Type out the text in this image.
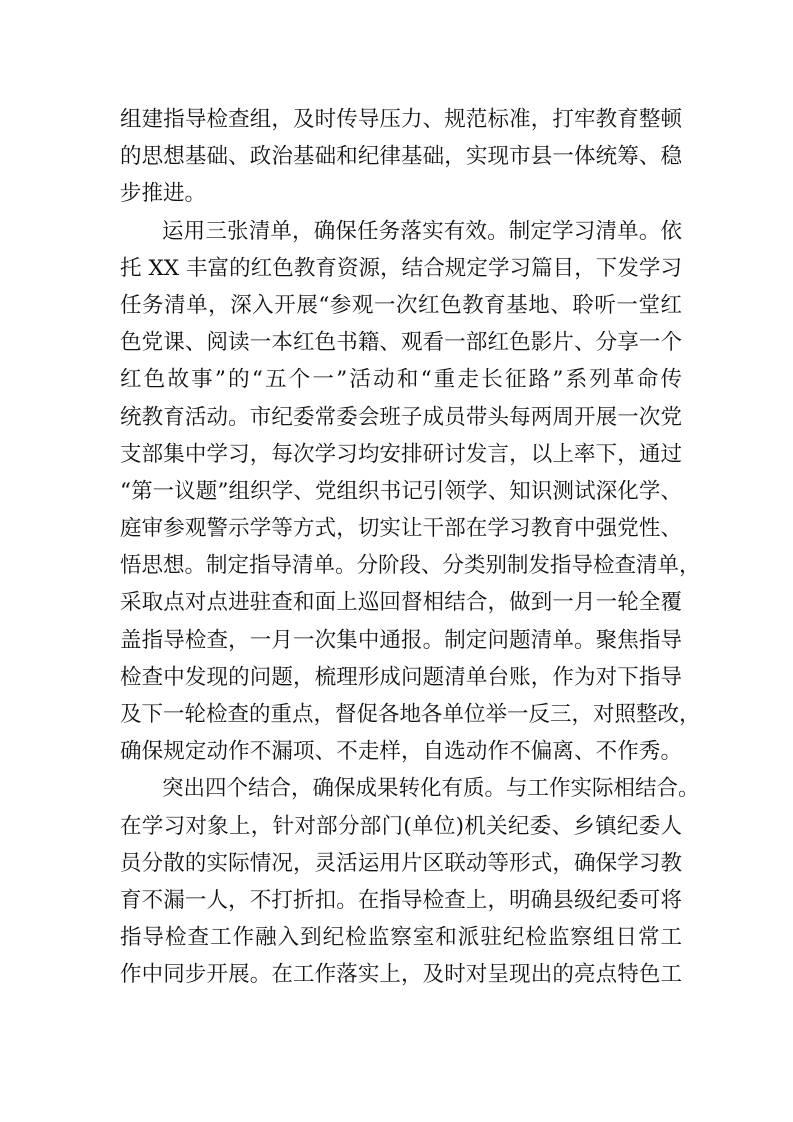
组建指导检查组，及时传导压力、规范标准，打牢教育整顿
的思想基础、政治基础和纪律基础，实现市县一体统筹、稳
步推进。
运用三张清单，确保任务落实有效。制定学习清单。依
托 XX 丰富的红色教育资源，结合规定学习篇目，下发学习
任务清单，深入开展“参观一次红色教育基地、聆听一堂红
色党课、阅读一本红色书籍、观看一部红色影片、分享一个
红色故事”的“五个一”活动和“重走长征路”系列革命传
统教育活动。市纪委常委会班子成员带头每两周开展一次党
支部集中学习，每次学习均安排研讨发言，以上率下，通过
“第一议题”组织学、党组织书记引领学、知识测试深化学、
庭审参观警示学等方式，切实让干部在学习教育中强党性、
悟思想。制定指导清单。分阶段、分类别制发指导检查清单，
采取点对点进驻查和面上巡回督相结合，做到一月一轮全覆
盖指导检查，一月一次集中通报。制定问题清单。聚焦指导
检查中发现的问题，梳理形成问题清单台账，作为对下指导
及下一轮检查的重点，督促各地各单位举一反三，对照整改，
确保规定动作不漏项、不走样，自选动作不偏离、不作秀。
突出四个结合，确保成果转化有质。与工作实际相结合。
在学习对象上，针对部分部门(单位)机关纪委、乡镇纪委人
员分散的实际情况，灵活运用片区联动等形式，确保学习教
育不漏一人，不打折扣。在指导检查上，明确县级纪委可将
指导检查工作融入到纪检监察室和派驻纪检监察组日常工
作中同步开展。在工作落实上，及时对呈现出的亮点特色工
